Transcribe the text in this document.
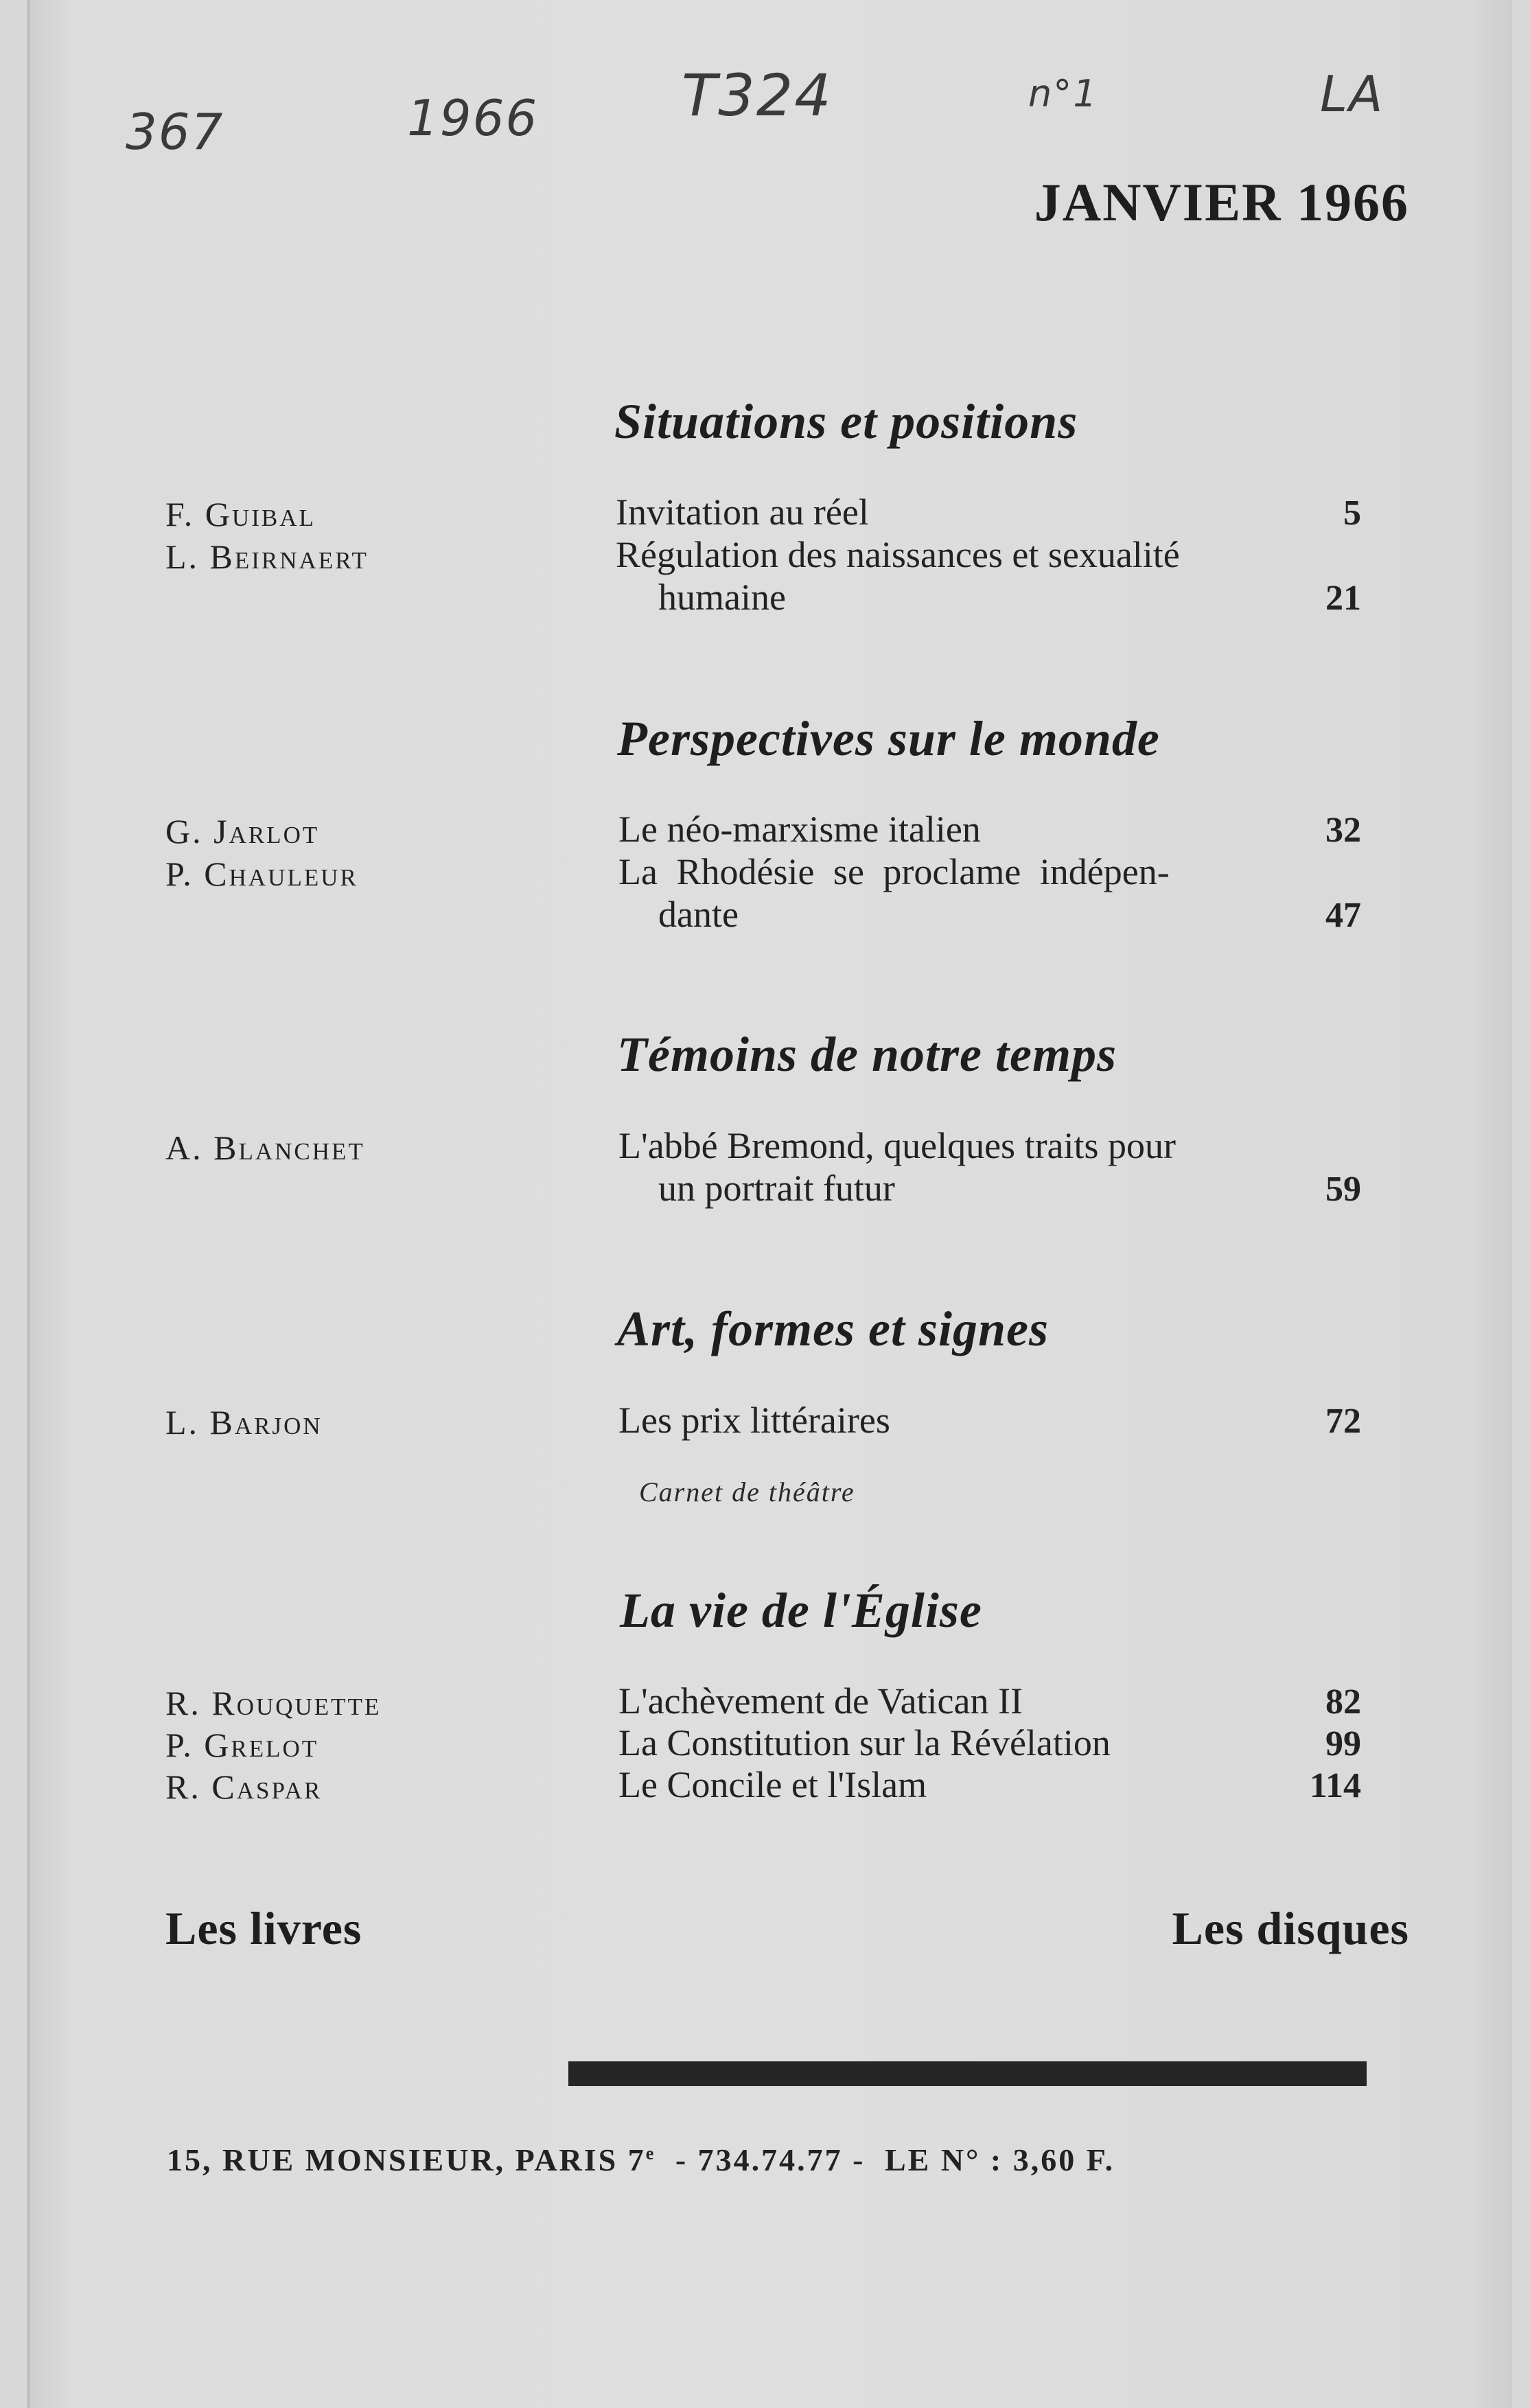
367	1966 T324	n°1	LA
JANVIER 1966
Situations et positions
F. Guibal	Invitation au réel	5
L. Beirnaert	Régulation des naissances et sexualité
humaine	21
Perspectives sur le monde
G. Jarlot	Le néo-marxisme italien	32
P. Chauleur	La Rhodésie se proclame indépen-
dante	47
Témoins de notre temps
A. Blanchet	L'abbé Bremond, quelques traits pour
un portrait futur	59
Art, formes et signes
L. Barjon	Les prix littéraires	72
Carnet de théâtre
La vie de l'Église
R. Rouquette	L'achèvement de Vatican II	82
P. Grelot	La Constitution sur la Révélation	99
R. Caspar	Le Concile et l'Islam	114
Les livres	Les disques
15, RUE MONSIEUR, PARIS 7e - 734.74.77 - LE N° : 3,60 F.
